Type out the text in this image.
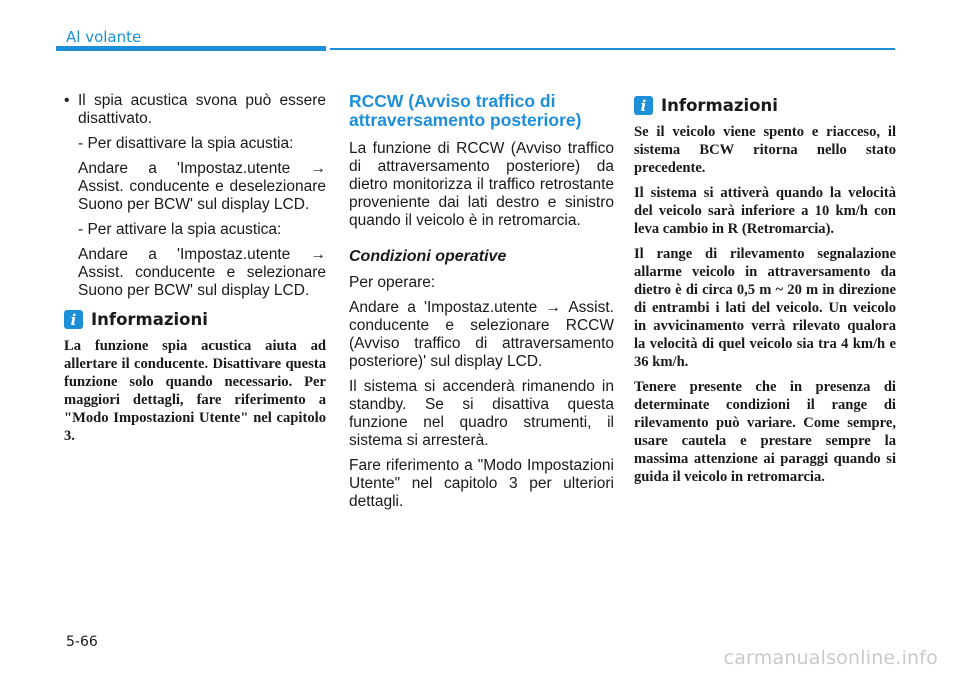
Al volante

• Il spia acustica svona può essere disattivato.

- Per disattivare la spia acustia:

Andare a 'Impostaz.utente → Assist. conducente e deselezionare Suono per BCW' sul display LCD.

- Per attivare la spia acustica:

Andare a 'Impostaz.utente → Assist. conducente e selezionare Suono per BCW' sul display LCD.

i Informazioni

La funzione spia acustica aiuta ad allertare il conducente. Disattivare questa funzione solo quando necessario. Per maggiori dettagli, fare riferimento a "Modo Impostazioni Utente" nel capitolo 3.

RCCW (Avviso traffico di attraversamento posteriore)

La funzione di RCCW (Avviso traffico di attraversamento posteriore) da dietro monitorizza il traffico retrostante proveniente dai lati destro e sinistro quando il veicolo è in retromarcia.

Condizioni operative

Per operare:

Andare a 'Impostaz.utente → Assist. conducente e selezionare RCCW (Avviso traffico di attraversamento posteriore)' sul display LCD.

Il sistema si accenderà rimanendo in standby. Se si disattiva questa funzione nel quadro strumenti, il sistema si arresterà.

Fare riferimento a "Modo Impostazioni Utente" nel capitolo 3 per ulteriori dettagli.

i Informazioni

Se il veicolo viene spento e riacceso, il sistema BCW ritorna nello stato precedente.

Il sistema si attiverà quando la velocità del veicolo sarà inferiore a 10 km/h con leva cambio in R (Retromarcia).

Il range di rilevamento segnalazione allarme veicolo in attraversamento da dietro è di circa 0,5 m ~ 20 m in direzione di entrambi i lati del veicolo. Un veicolo in avvicinamento verrà rilevato qualora la velocità di quel veicolo sia tra 4 km/h e 36 km/h.

Tenere presente che in presenza di determinate condizioni il range di rilevamento può variare. Come sempre, usare cautela e prestare sempre la massima attenzione ai paraggi quando si guida il veicolo in retromarcia.

5-66
carmanualsonline.info
